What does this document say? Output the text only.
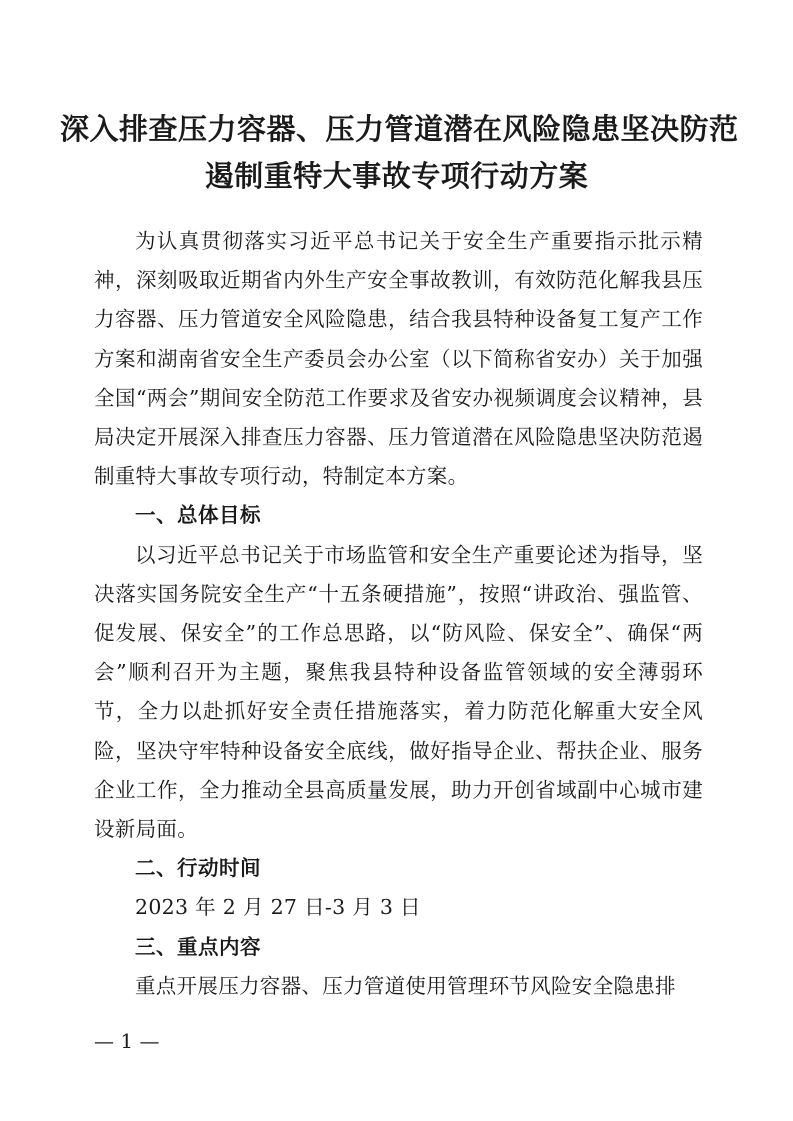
深入排查压力容器、压力管道潜在风险隐患坚决防范
遏制重特大事故专项行动方案

为认真贯彻落实习近平总书记关于安全生产重要指示批示精神，深刻吸取近期省内外生产安全事故教训，有效防范化解我县压力容器、压力管道安全风险隐患，结合我县特种设备复工复产工作方案和湖南省安全生产委员会办公室（以下简称省安办）关于加强全国“两会”期间安全防范工作要求及省安办视频调度会议精神，县局决定开展深入排查压力容器、压力管道潜在风险隐患坚决防范遏制重特大事故专项行动，特制定本方案。

一、总体目标

以习近平总书记关于市场监管和安全生产重要论述为指导，坚决落实国务院安全生产“十五条硬措施”，按照“讲政治、强监管、促发展、保安全”的工作总思路，以“防风险、保安全”、确保“两会”顺利召开为主题，聚焦我县特种设备监管领域的安全薄弱环节，全力以赴抓好安全责任措施落实，着力防范化解重大安全风险，坚决守牢特种设备安全底线，做好指导企业、帮扶企业、服务企业工作，全力推动全县高质量发展，助力开创省域副中心城市建设新局面。

二、行动时间

2023 年 2 月 27 日-3 月 3 日

三、重点内容

重点开展压力容器、压力管道使用管理环节风险安全隐患排

— 1 —
